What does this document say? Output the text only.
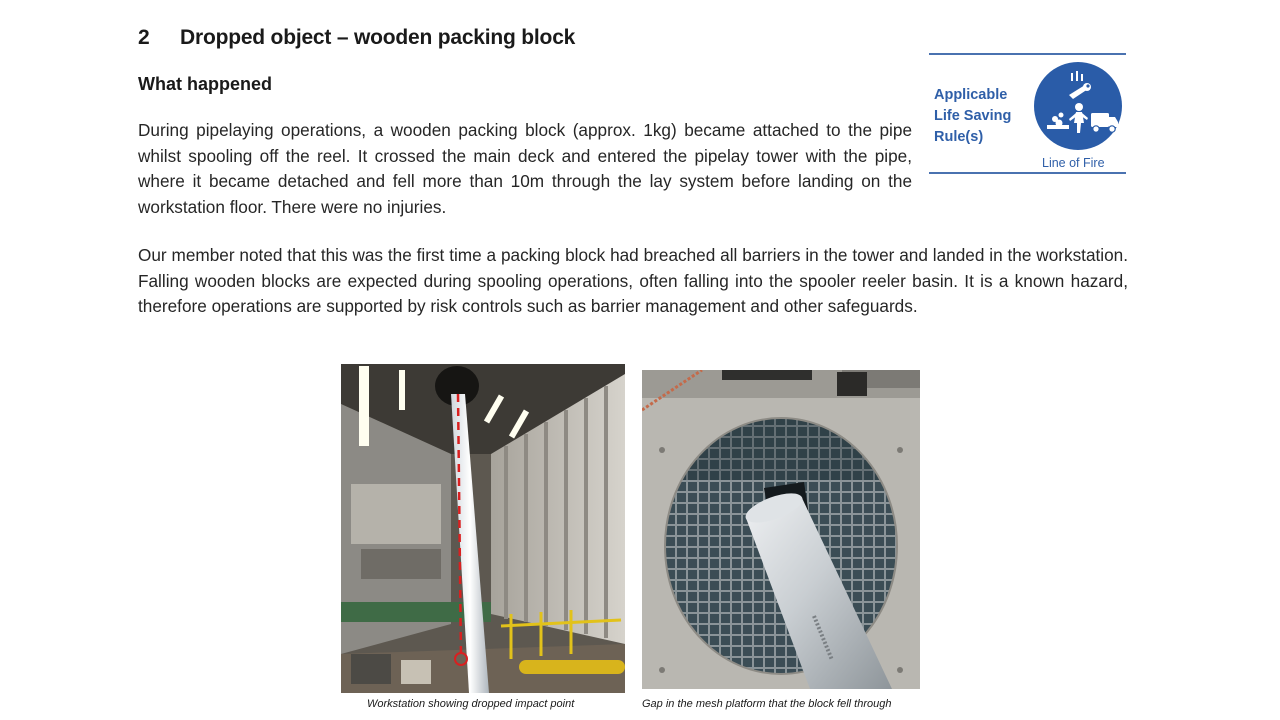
2 Dropped object – wooden packing block
What happened

During pipelaying operations, a wooden packing block (approx. 1kg) became attached to the pipe whilst spooling off the reel. It crossed the main deck and entered the pipelay tower with the pipe, where it became detached and fell more than 10m through the lay system before landing on the workstation floor. There were no injuries.

Our member noted that this was the first time a packing block had breached all barriers in the tower and landed in the workstation. Falling wooden blocks are expected during spooling operations, often falling into the spooler reeler basin. It is a known hazard, therefore operations are supported by risk controls such as barrier management and other safeguards.

Applicable
Life Saving
Rule(s)
Line of Fire
Workstation showing dropped impact point	Gap in the mesh platform that the block fell through
